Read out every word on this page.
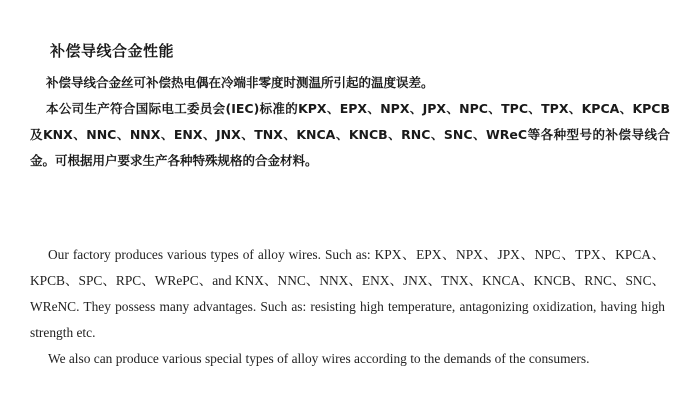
补偿导线合金性能

补偿导线合金丝可补偿热电偶在冷端非零度时测温所引起的温度误差。

本公司生产符合国际电工委员会(IEC)标准的KPX、EPX、NPX、JPX、NPC、TPC、TPX、KPCA、KPCB及KNX、NNC、NNX、ENX、JNX、TNX、KNCA、KNCB、RNC、SNC、WReC等各种型号的补偿导线合金。可根据用户要求生产各种特殊规格的合金材料。

Our factory produces various types of alloy wires. Such as: KPX、EPX、NPX、JPX、NPC、TPX、KPCA、KPCB、SPC、RPC、WRePC、and KNX、NNC、NNX、ENX、JNX、TNX、KNCA、KNCB、RNC、SNC、WReNC. They possess many advantages. Such as: resisting high temperature, antagonizing oxidization, having high strength etc.

We also can produce various special types of alloy wires according to the demands of the consumers.
